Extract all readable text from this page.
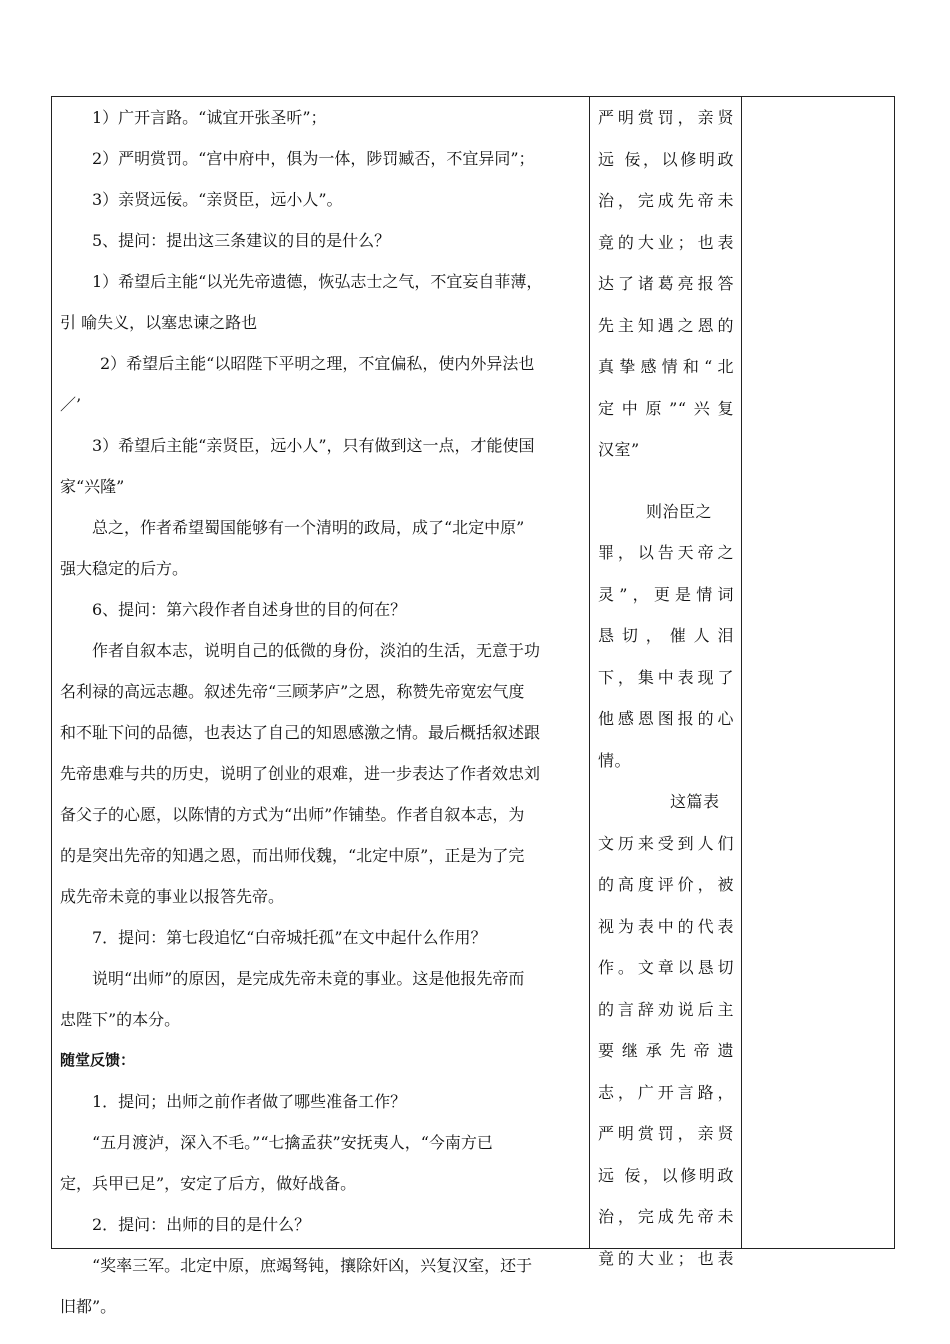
1）广开言路。“诚宜开张圣听”；

2）严明赏罚。“宫中府中，俱为一体，陟罚臧否，不宜异同”；

3）亲贤远佞。“亲贤臣，远小人”。

5、提问：提出这三条建议的目的是什么？

1）希望后主能“以光先帝遗德，恢弘志士之气，不宜妄自菲薄，

引 喻失义，以塞忠谏之路也

2）希望后主能“以昭陛下平明之理，不宜偏私，使内外异法也

／’

3）希望后主能“亲贤臣，远小人”，只有做到这一点，才能使国

家“兴隆”

总之，作者希望蜀国能够有一个清明的政局，成了“北定中原”

强大稳定的后方。

6、提问：第六段作者自述身世的目的何在？

作者自叙本志，说明自己的低微的身份，淡泊的生活，无意于功

名利禄的高远志趣。叙述先帝“三顾茅庐”之恩，称赞先帝宽宏气度

和不耻下问的品德，也表达了自己的知恩感激之情。最后概括叙述跟

先帝患难与共的历史，说明了创业的艰难，进一步表达了作者效忠刘

备父子的心愿，以陈情的方式为“出师”作铺垫。作者自叙本志，为

的是突出先帝的知遇之恩，而出师伐魏，“北定中原”，正是为了完

成先帝未竟的事业以报答先帝。

7．提问：第七段追忆“白帝城托孤”在文中起什么作用？

说明“出师”的原因，是完成先帝未竟的事业。这是他报先帝而

忠陛下”的本分。

随堂反馈：

1．提问；出师之前作者做了哪些准备工作？

“五月渡泸，深入不毛。”“七擒孟获”安抚夷人，“今南方已

定，兵甲已足”，安定了后方，做好战备。

2．提问：出师的目的是什么？

“奖率三军。北定中原，庶竭驽钝，攘除奸凶，兴复汉室，还于

旧都”。

严明赏罚，亲贤

远 佞，以修明政

治，完成先帝未

竟的大业；也表

达了诸葛亮报答

先主知遇之恩的

真挚感情和“北

定中原”“兴复

汉室”

则治臣之

罪，以告天帝之

灵”，更是情词

恳切，催人泪

下，集中表现了

他感恩图报的心

情。

这篇表

文历来受到人们

的高度评价，被

视为表中的代表

作。文章以恳切

的言辞劝说后主

要继承先帝遗

志，广开言路，

严明赏罚，亲贤

远 佞，以修明政

治，完成先帝未

竟的大业；也表
